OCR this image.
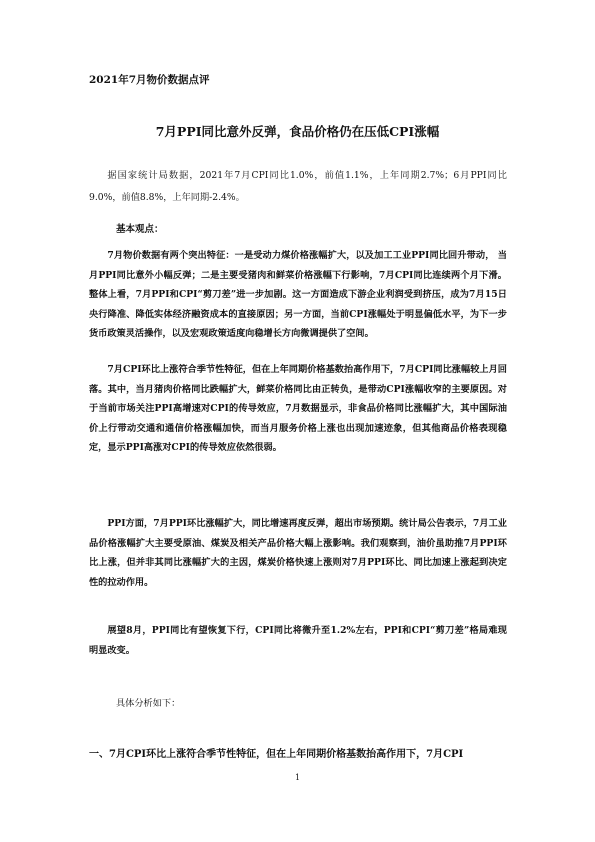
2021年7月物价数据点评
7月PPI同比意外反弹，食品价格仍在压低CPI涨幅
据国家统计局数据，2021年7月CPI同比1.0%，前值1.1%，上年同期2.7%；6月PPI同比9.0%，前值8.8%，上年同期-2.4%。
基本观点：
7月物价数据有两个突出特征：一是受动力煤价格涨幅扩大，以及加工工业PPI同比回升带动， 当月PPI同比意外小幅反弹；二是主要受猪肉和鲜菜价格涨幅下行影响，7月CPI同比连续两个月下滑。整体上看，7月PPI和CPI“剪刀差”进一步加剧。这一方面造成下游企业利润受到挤压，成为7月15日央行降准、降低实体经济融资成本的直接原因；另一方面，当前CPI涨幅处于明显偏低水平，为下一步货币政策灵活操作，以及宏观政策适度向稳增长方向微调提供了空间。
7月CPI环比上涨符合季节性特征，但在上年同期价格基数抬高作用下，7月CPI同比涨幅较上月回落。其中，当月猪肉价格同比跌幅扩大，鲜菜价格同比由正转负，是带动CPI涨幅收窄的主要原因。对于当前市场关注PPI高增速对CPI的传导效应，7月数据显示，非食品价格同比涨幅扩大，其中国际油价上行带动交通和通信价格涨幅加快，而当月服务价格上涨也出现加速迹象，但其他商品价格表现稳定，显示PPI高涨对CPI的传导效应依然很弱。
PPI方面，7月PPI环比涨幅扩大，同比增速再度反弹，超出市场预期。统计局公告表示，7月工业品价格涨幅扩大主要受原油、煤炭及相关产品价格大幅上涨影响。我们观察到，油价虽助推7月PPI环比上涨，但并非其同比涨幅扩大的主因，煤炭价格快速上涨则对7月PPI环比、同比加速上涨起到决定性的拉动作用。
展望8月，PPI同比有望恢复下行，CPI同比将微升至1.2%左右，PPI和CPI“剪刀差”格局难现明显改变。
具体分析如下：
一、7月CPI环比上涨符合季节性特征，但在上年同期价格基数抬高作用下，7月CPI
1
